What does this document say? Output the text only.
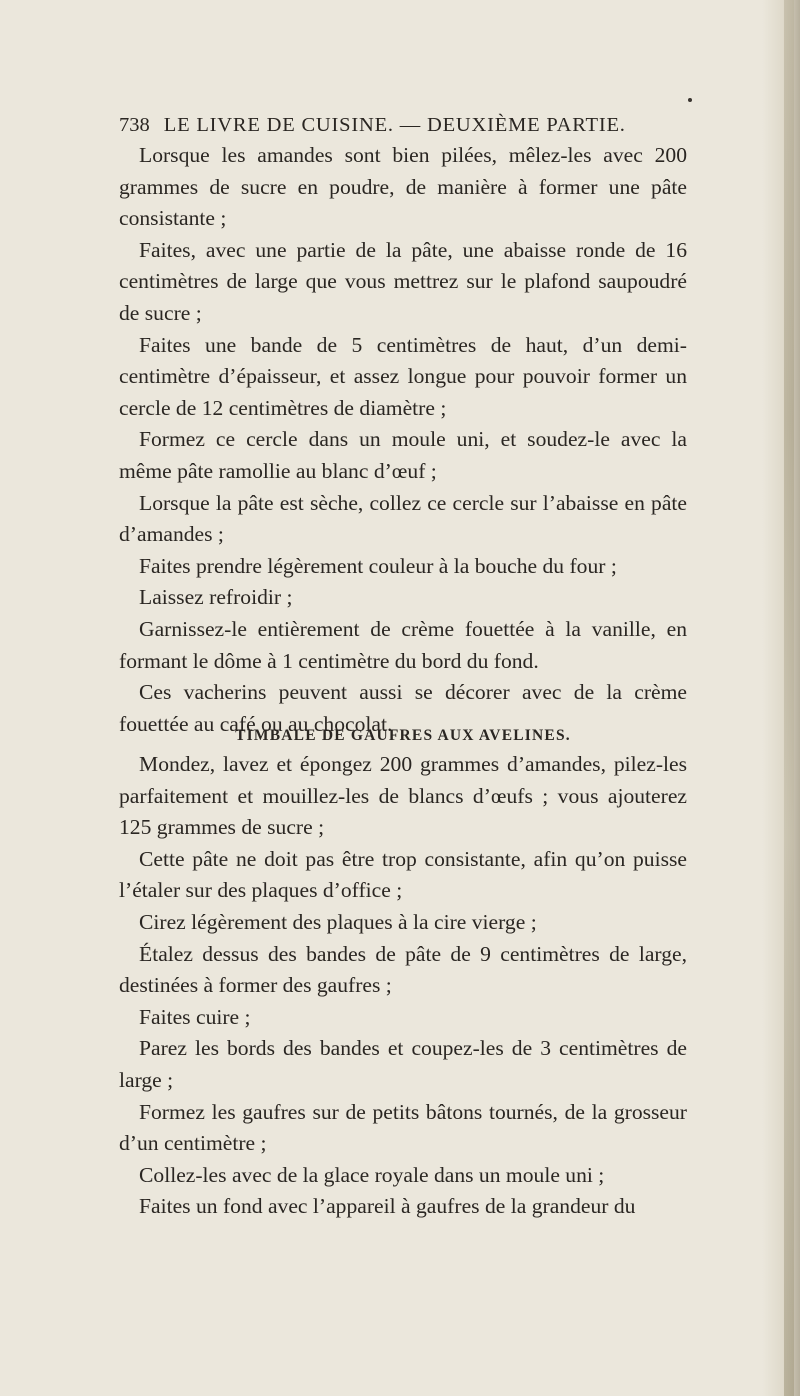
738 LE LIVRE DE CUISINE. — DEUXIÈME PARTIE.

Lorsque les amandes sont bien pilées, mêlez-les avec 200 grammes de sucre en poudre, de manière à former une pâte consistante ;

Faites, avec une partie de la pâte, une abaisse ronde de 16 centimètres de large que vous mettrez sur le plafond saupoudré de sucre ;

Faites une bande de 5 centimètres de haut, d’un demi-centimètre d’épaisseur, et assez longue pour pouvoir former un cercle de 12 centimètres de diamètre ;

Formez ce cercle dans un moule uni, et soudez-le avec la même pâte ramollie au blanc d’œuf ;

Lorsque la pâte est sèche, collez ce cercle sur l’abaisse en pâte d’amandes ;

Faites prendre légèrement couleur à la bouche du four ;

Laissez refroidir ;

Garnissez-le entièrement de crème fouettée à la vanille, en formant le dôme à 1 centimètre du bord du fond.

Ces vacherins peuvent aussi se décorer avec de la crème fouettée au café ou au chocolat.

TIMBALE DE GAUFRES AUX AVELINES.

Mondez, lavez et épongez 200 grammes d’amandes, pilez-les parfaitement et mouillez-les de blancs d’œufs ; vous ajouterez 125 grammes de sucre ;

Cette pâte ne doit pas être trop consistante, afin qu’on puisse l’étaler sur des plaques d’office ;

Cirez légèrement des plaques à la cire vierge ;

Étalez dessus des bandes de pâte de 9 centimètres de large, destinées à former des gaufres ;

Faites cuire ;

Parez les bords des bandes et coupez-les de 3 centimètres de large ;

Formez les gaufres sur de petits bâtons tournés, de la grosseur d’un centimètre ;

Collez-les avec de la glace royale dans un moule uni ;

Faites un fond avec l’appareil à gaufres de la grandeur du
